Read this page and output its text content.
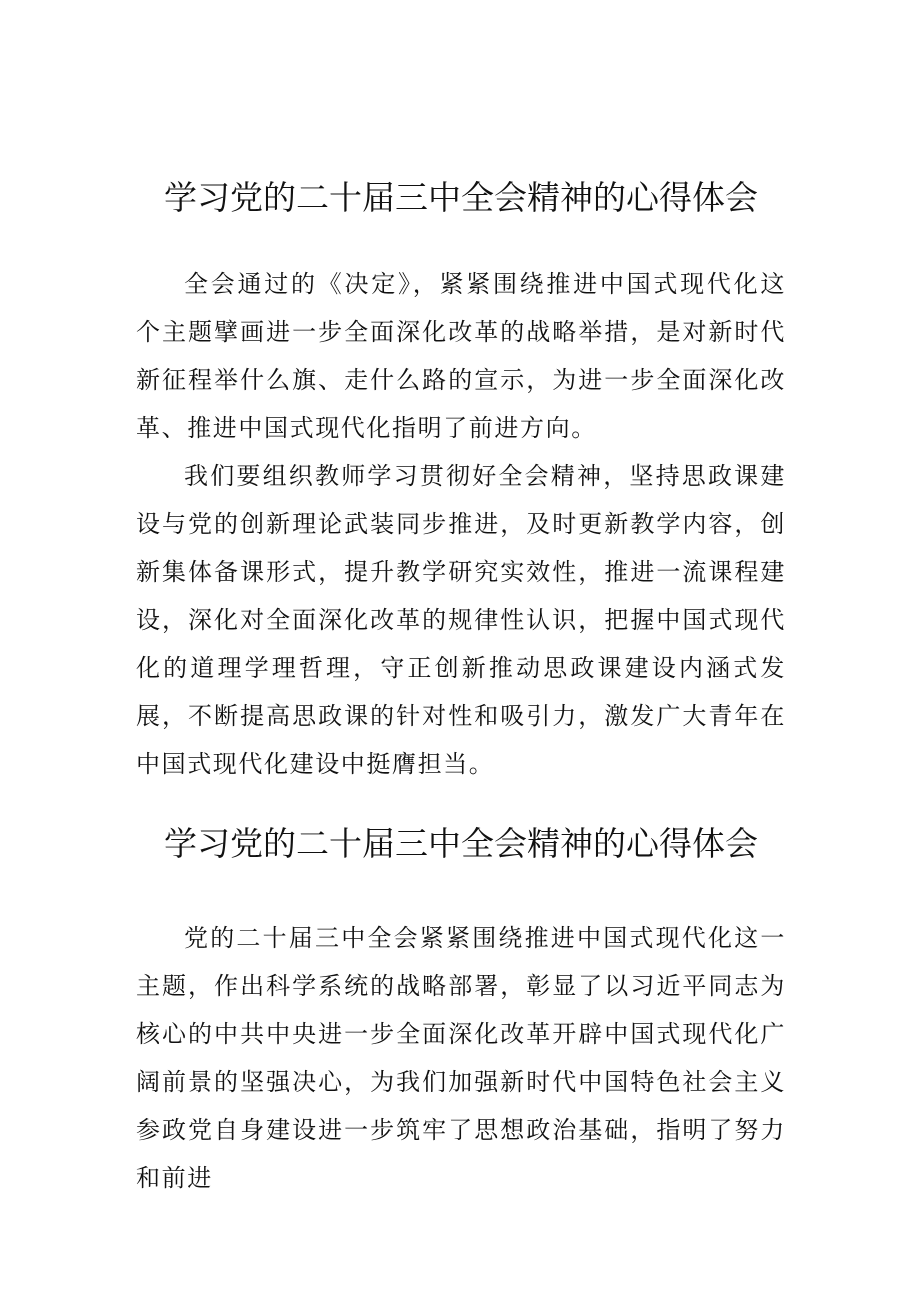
学习党的二十届三中全会精神的心得体会

全会通过的《决定》，紧紧围绕推进中国式现代化这个主题擘画进一步全面深化改革的战略举措，是对新时代新征程举什么旗、走什么路的宣示，为进一步全面深化改革、推进中国式现代化指明了前进方向。

我们要组织教师学习贯彻好全会精神，坚持思政课建设与党的创新理论武装同步推进，及时更新教学内容，创新集体备课形式，提升教学研究实效性，推进一流课程建设，深化对全面深化改革的规律性认识，把握中国式现代化的道理学理哲理，守正创新推动思政课建设内涵式发展，不断提高思政课的针对性和吸引力，激发广大青年在中国式现代化建设中挺膺担当。

学习党的二十届三中全会精神的心得体会

党的二十届三中全会紧紧围绕推进中国式现代化这一主题，作出科学系统的战略部署，彰显了以习近平同志为核心的中共中央进一步全面深化改革开辟中国式现代化广阔前景的坚强决心，为我们加强新时代中国特色社会主义参政党自身建设进一步筑牢了思想政治基础，指明了努力和前进
